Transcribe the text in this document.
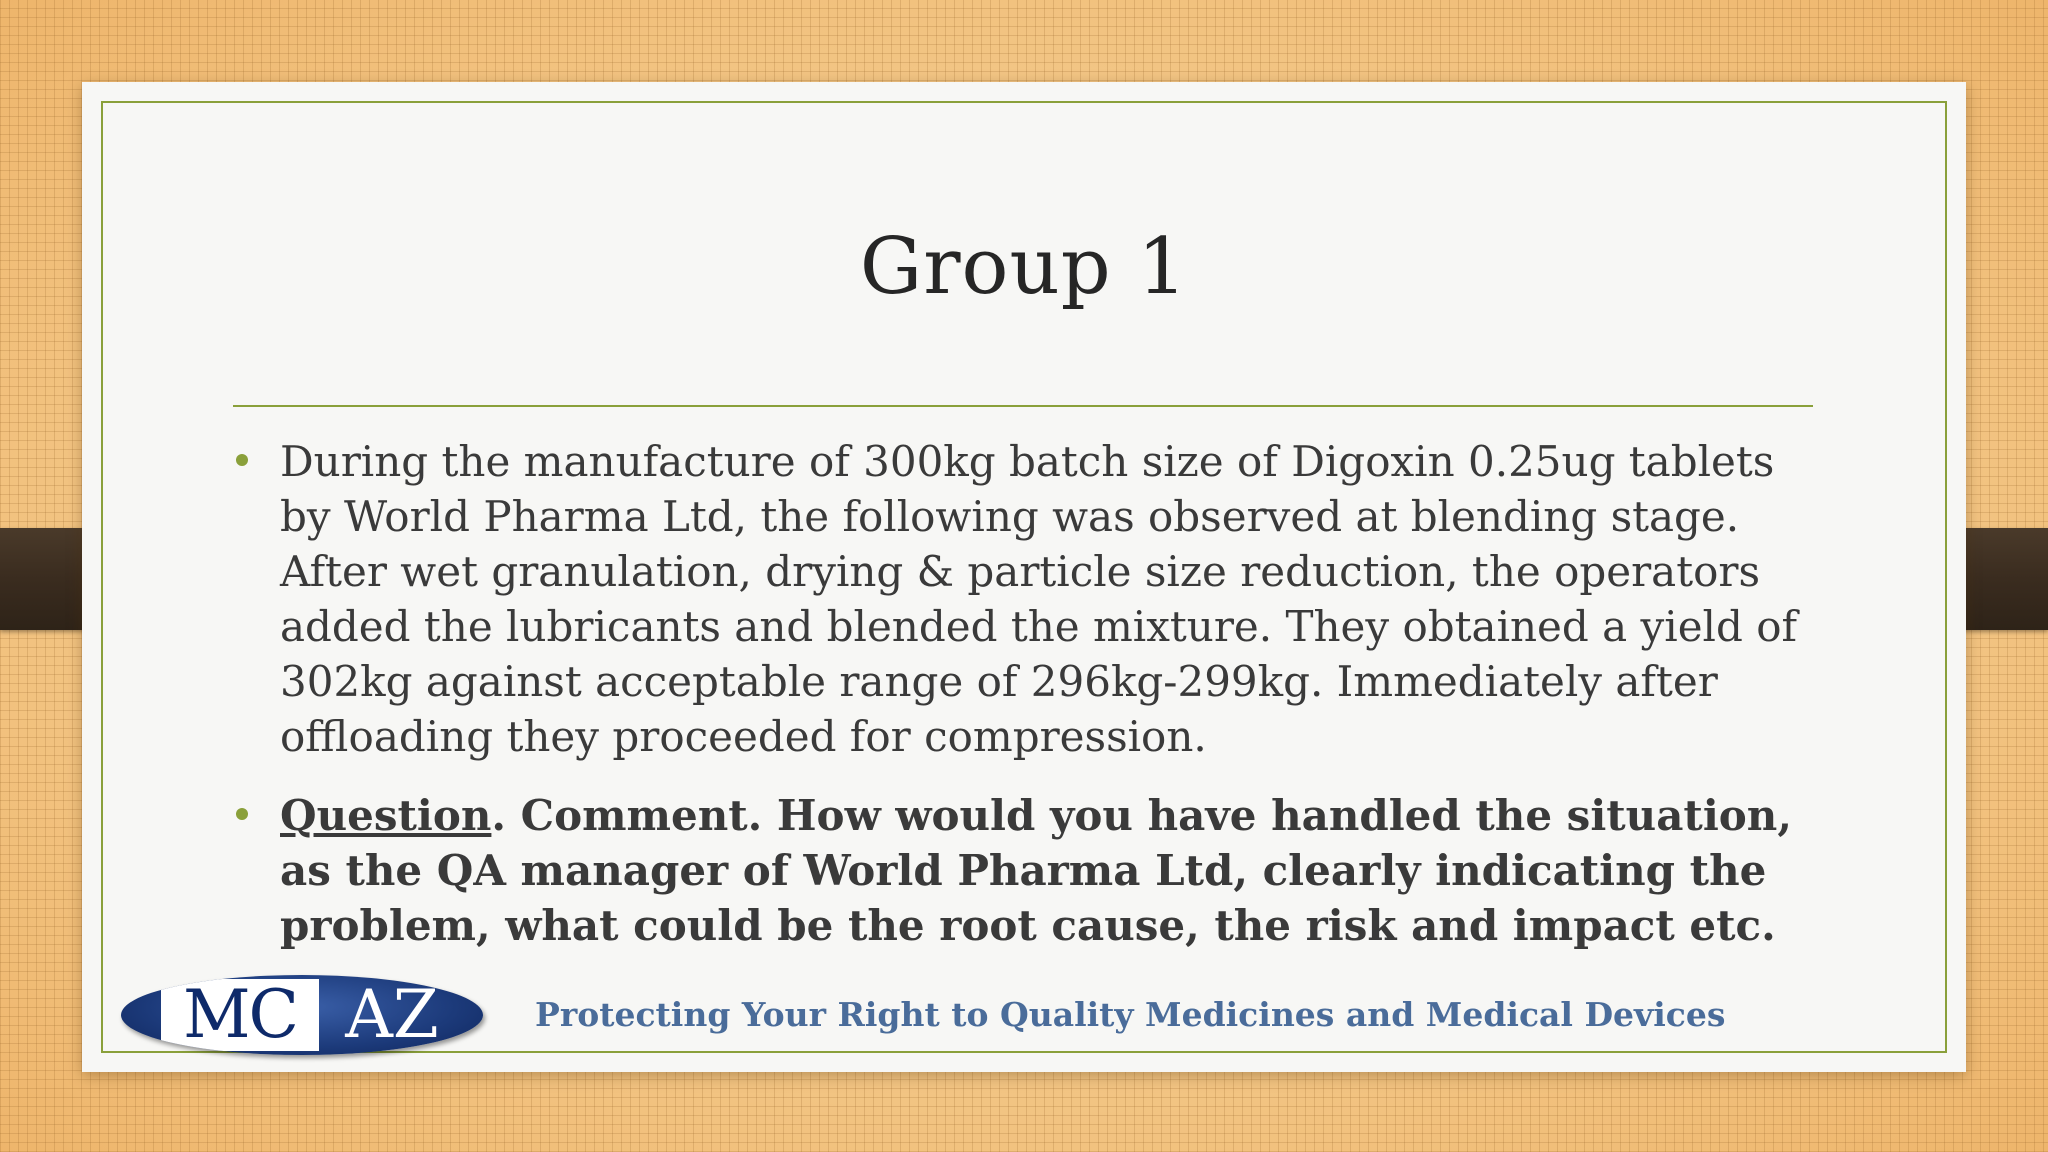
Group 1
During the manufacture of 300kg batch size of Digoxin 0.25ug tablets by World Pharma Ltd, the following was observed at blending stage. After wet granulation, drying & particle size reduction, the operators added the lubricants and blended the mixture. They obtained a yield of 302kg against acceptable range of 296kg-299kg. Immediately after offloading they proceeded for compression.
Question. Comment. How would you have handled the situation, as the QA manager of World Pharma Ltd, clearly indicating the problem, what could be the root cause, the risk and impact etc.
MC AZ	Protecting Your Right to Quality Medicines and Medical Devices
